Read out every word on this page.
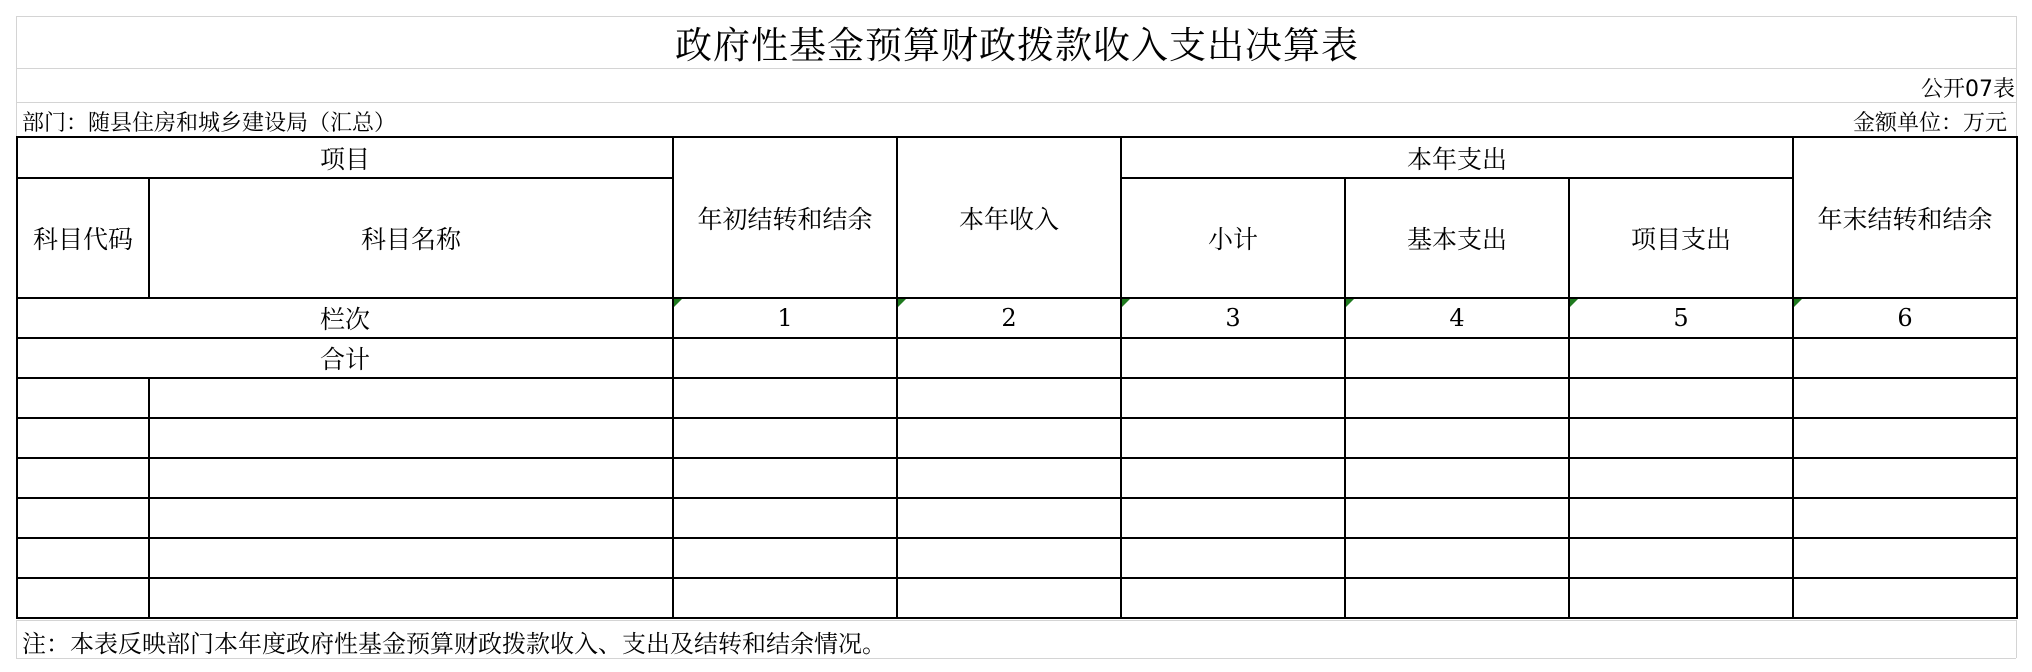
政府性基金预算财政拨款收入支出决算表
公开07表
部门：随县住房和城乡建设局（汇总）	金额单位：万元
项目		年初结转和结余	本年收入	本年支出			年末结转和结余
科目代码	科目名称			小计	基本支出	项目支出	
栏次		1	2	3	4	5	6
合计							

注：本表反映部门本年度政府性基金预算财政拨款收入、支出及结转和结余情况。
